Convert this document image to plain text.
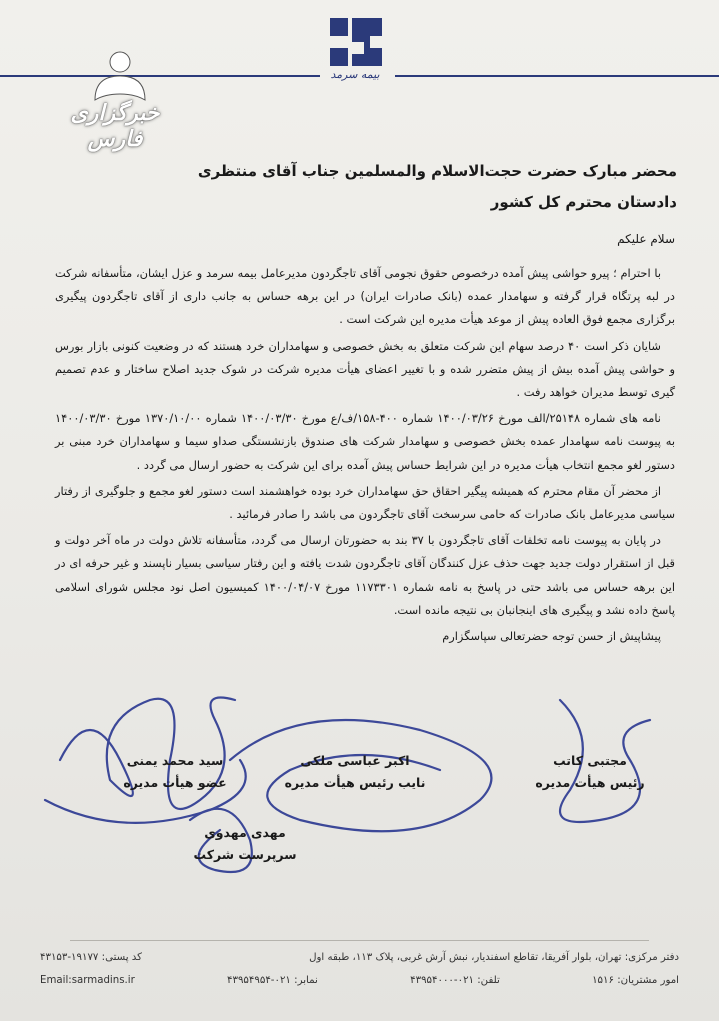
بیمه سرمد
خبرگزاری فارس
محضر مبارک حضرت حجت‌الاسلام والمسلمین جناب آقای منتظری
دادستان محترم کل کشور
سلام علیکم

با احترام ؛ پیرو حواشی پیش آمده درخصوص حقوق نجومی آقای تاجگردون مدیرعامل بیمه سرمد و عزل ایشان، متأسفانه شرکت در لبه پرتگاه قرار گرفته و سهامدار عمده (بانک صادرات ایران) در این برهه حساس به جانب داری از آقای تاجگردون پیگیری برگزاری مجمع فوق العاده پیش از موعد هیأت مدیره این شرکت است .

شایان ذکر است ۴۰ درصد سهام این شرکت متعلق به بخش خصوصی و سهامداران خرد هستند که در وضعیت کنونی بازار بورس و حواشی پیش آمده بیش از پیش متضرر شده و با تغییر اعضای هیأت مدیره شرکت در شوک جدید اصلاح ساختار و عدم تصمیم گیری توسط مدیران خواهد رفت .

نامه های شماره ۲۵۱۴۸/الف مورخ ۱۴۰۰/۰۳/۲۶ شماره ۴۰۰-۱۵۸/ف/ع مورخ ۱۴۰۰/۰۳/۳۰ شماره ۱۳۷۰/۱۰/۰۰ مورخ ۱۴۰۰/۰۳/۳۰ به پیوست نامه سهامدار عمده بخش خصوصی و سهامدار شرکت های صندوق بازنشستگی صداو سیما و سهامداران خرد مبنی بر دستور لغو مجمع انتخاب هیأت مدیره در این شرایط حساس پیش آمده برای این شرکت به حضور ارسال می گردد .

از محضر آن مقام محترم که همیشه پیگیر احقاق حق سهامداران خرد بوده خواهشمند است دستور لغو مجمع و جلوگیری از رفتار سیاسی مدیرعامل بانک صادرات که حامی سرسخت آقای تاجگردون می باشد را صادر فرمائید .

در پایان به پیوست نامه تخلفات آقای تاجگردون با ۳۷ بند به حضورتان ارسال می گردد، متأسفانه تلاش دولت در ماه آخر دولت و قبل از استقرار دولت جدید جهت حذف عزل کنندگان آقای تاجگردون شدت یافته و این رفتار سیاسی بسیار ناپسند و غیر حرفه ای در این برهه حساس می باشد حتی در پاسخ به نامه شماره ۱۱۷۳۳۰۱ مورخ ۱۴۰۰/۰۴/۰۷ کمیسیون اصل نود مجلس شورای اسلامی پاسخ داده نشد و پیگیری های اینجانبان بی نتیجه مانده است.

پیشاپیش از حسن توجه حضرتعالی سپاسگزارم
مجتبی کاتب
رئیس هیأت مدیره
اکبر عباسی ملکی
نایب رئیس هیأت مدیره
سید محمد یمنی
عضو هیأت مدیره
مهدی مهدوی
سرپرست شرکت
دفتر مرکزی: تهران، بلوار آفریقا، تقاطع اسفندیار، نبش آرش غربی، پلاک ۱۱۳، طبقه اول
کد پستی: ۱۹۱۷۷-۴۳۱۵۳
امور مشتریان: ۱۵۱۶
تلفن: ۰۲۱-۴۳۹۵۴۰۰۰
نمابر: ۰۲۱-۴۳۹۵۴۹۵۴
Email:sarmadins.ir
